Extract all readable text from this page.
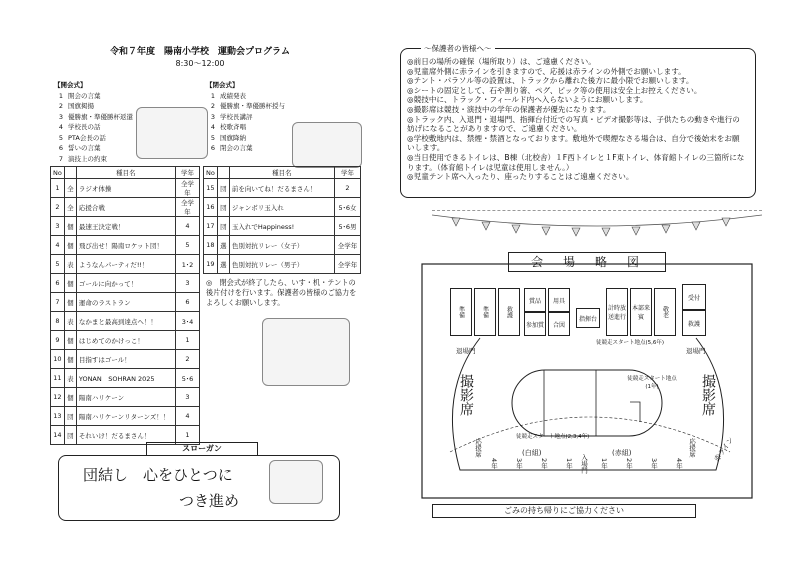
令和７年度　陽南小学校　運動会プログラム
8:30～12:00
【開会式】
1 開会の言葉
2 国旗掲揚
3 優勝旗・準優勝杯返還
4 学校長の話
5 PTA会長の話
6 誓いの言葉
7 演技上の約束
【閉会式】
1 成績発表
2 優勝旗・準優勝杯授与
3 学校長講評
4 校歌斉唱
5 国旗降納
6 閉会の言葉
No		種目名	学年
1	全	ラジオ体操	全学年
2	全	応援合戦	全学年
3	個	最速王決定戦！	4
4	個	飛び出せ！陽南ロケット団！	5
5	表	ようなんパーティだ!!！	1･2
6	個	ゴールに向かって！	3
7	個	運命のラストラン	6
8	表	なかまと最高到達点へ！！	3･4
9	個	はじめてのかけっこ！	1
10	個	目指すはゴール！	2
11	表	YONAN　SOHRAN 2025	5･6
12	個	陽南ハリケーン	3
13	団	陽南ハリケーンリターンズ！！	4
14	団	それいけ！だるまさん！	1
No		種目名	学年
15	団	前を向いてね！だるまさん！	2
16	団	ジャンボリ玉入れ	5･6女
17	団	玉入れでHappiness!	5･6男
18	選	色別対抗リレー（女子）	全学年
19	選	色別対抗リレー（男子）	全学年
◎　閉会式が終了したら、いす・机・テントの後片付けを行います。保護者の皆様のご協力をよろしくお願いします。
スローガン
団結し　心をひとつに
つき進め
～保護者の皆様へ～
◎前日の場所の確保（場所取り）は、ご遠慮ください。
◎児童席外側に赤ラインを引きますので、応援は赤ラインの外側でお願いします。
◎テント・パラソル等の設置は、トラックから離れた後方に最小限でお願いします。
◎シートの固定として、石や割り箸、ペグ、ピック等の使用は安全上お控えください。
◎競技中に、トラック・フィールド内へ入らないようにお願いします。
◎撮影席は競技・演技中の学年の保護者が優先になります。
◎トラック内、入退門・退場門、指揮台付近での写真・ビデオ撮影等は、子供たちの動きや進行の妨げになることがありますので、ご遠慮ください。
◎学校敷地内は、禁煙・禁酒となっております。敷地外で喫煙なさる場合は、自分で後始末をお願いします。
◎当日使用できるトイレは、B棟（北校舎）１F西トイレと１F東トイレ、体育館トイレの三箇所になります。（体育館トイレは児童は使用しません。）
◎児童テント席へ入ったり、座ったりすることはご遠慮ください。
会　場　略　図
準備	準備	救護
賞品
参加賞
用具
合図
指揮台
計時放送進行
本部来賓	敬老
受付
救護
退場門	退場門
徒競走スタート地点(5,6年)
徒競走スタート地点(1年)
徒競走スタート地点(2,3,4年)
撮影席	撮影席
応援席	応援席
(白組)	(赤組)
4年	3年	2年	1年 入場門 1年	2年	3年	4年
赤ライン
ごみの持ち帰りにご協力ください
